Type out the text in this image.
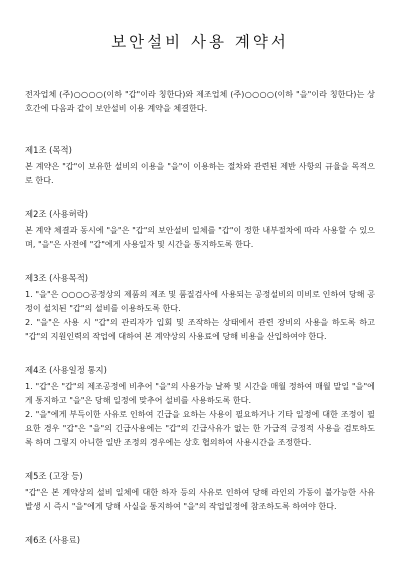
보안설비 사용 계약서

전자업체 (주)○○○○(이하 "갑"이라 칭한다)와 제조업체 (주)○○○○(이하 "을"이라 칭한다)는 상호간에 다음과 같이 보안설비 이용 계약을 체결한다.

제1조 (목적)

본 계약은 "갑"이 보유한 설비의 이용을 "을"이 이용하는 절차와 관련된 제반 사항의 규율을 목적으로 한다.

제2조 (사용허락)

본 계약 체결과 동시에 "을"은 "갑"의 보안설비 일체를 "갑"이 정한 내부절차에 따라 사용할 수 있으며, "을"은 사전에 "갑"에게 사용일자 및 시간을 통지하도록 한다.

제3조 (사용목적)

1. "을"은 ○○○○공정상의 제품의 제조 및 품질검사에 사용되는 공정설비의 미비로 인하여 당해 공정이 설치된 "갑"의 설비를 이용하도록 한다.

2. "을"은 사용 시 "갑"의 관리자가 입회 및 조작하는 상태에서 관련 장비의 사용을 하도록 하고 "갑"의 지원인력의 작업에 대하여 본 계약상의 사용료에 당해 비용을 산입하여야 한다.

제4조 (사용일정 통지)

1. "갑"은 "갑"의 제조공정에 비추어 "을"의 사용가능 날짜 및 시간을 매월 정하여 매월 말일 "을"에게 통지하고 "을"은 당해 일정에 맞추어 설비를 사용하도록 한다.

2. "을"에게 부득이한 사유로 인하여 긴급을 요하는 사용이 필요하거나 기타 일정에 대한 조정이 필요한 경우 "갑"은 "을"의 긴급사용에는 "갑"의 긴급사유가 없는 한 가급적 긍정적 사용을 검토하도록 하며 그렇지 아니한 일반 조정의 경우에는 상호 협의하여 사용시간을 조정한다.

제5조 (고장 등)

"갑"은 본 계약상의 설비 일체에 대한 하자 등의 사유로 인하여 당해 라인의 가동이 불가능한 사유 발생 시 즉시 "을"에게 당해 사실을 통지하여 "을"의 작업일정에 참조하도록 하여야 한다.

제6조 (사용료)
